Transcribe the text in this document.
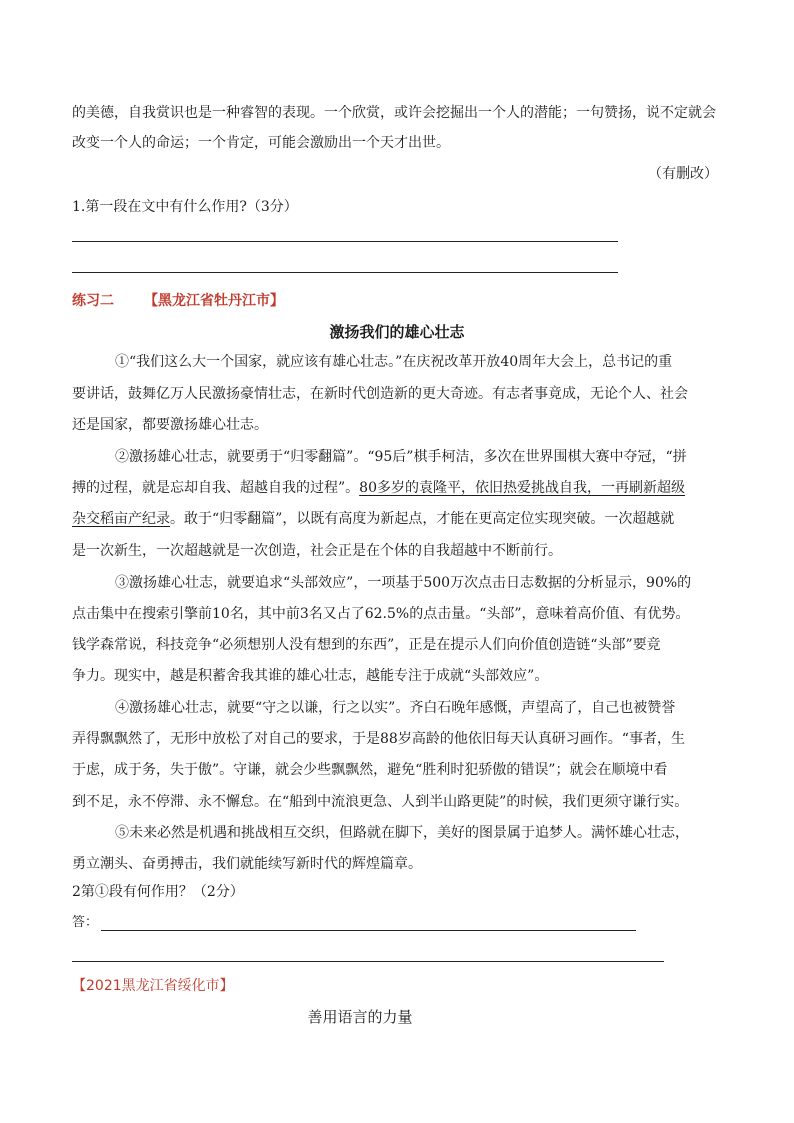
的美德，自我赏识也是一种睿智的表现。一个欣赏，或许会挖掘出一个人的潜能；一句赞扬，说不定就会
改变一个人的命运；一个肯定，可能会激励出一个天才出世。
（有删改）
1.第一段在文中有什么作用?（3分）
练习二 【黑龙江省牡丹江市】
激扬我们的雄心壮志
①“我们这么大一个国家，就应该有雄心壮志。”在庆祝改革开放40周年大会上，总书记的重
要讲话，鼓舞亿万人民激扬豪情壮志，在新时代创造新的更大奇迹。有志者事竟成，无论个人、社会
还是国家，都要激扬雄心壮志。
②激扬雄心壮志，就要勇于“归零翻篇”。“95后”棋手柯洁，多次在世界围棋大赛中夺冠，“拼
搏的过程，就是忘却自我、超越自我的过程”。80多岁的袁隆平，依旧热爱挑战自我，一再刷新超级
杂交稻亩产纪录。敢于“归零翻篇”，以既有高度为新起点，才能在更高定位实现突破。一次超越就
是一次新生，一次超越就是一次创造，社会正是在个体的自我超越中不断前行。
③激扬雄心壮志，就要追求“头部效应”，一项基于500万次点击日志数据的分析显示，90%的
点击集中在搜索引擎前10名，其中前3名又占了62.5%的点击量。“头部”，意味着高价值、有优势。
钱学森常说，科技竞争“必须想别人没有想到的东西”，正是在提示人们向价值创造链“头部”要竞
争力。现实中，越是积蓄舍我其谁的雄心壮志，越能专注于成就“头部效应”。
④激扬雄心壮志，就要“守之以谦，行之以实”。齐白石晚年感慨，声望高了，自己也被赞誉
弄得飘飘然了，无形中放松了对自己的要求，于是88岁高龄的他依旧每天认真研习画作。“事者，生
于虑，成于务，失于傲”。守谦，就会少些飘飘然，避免“胜利时犯骄傲的错误”；就会在顺境中看
到不足，永不停滞、永不懈怠。在“船到中流浪更急、人到半山路更陡”的时候，我们更须守谦行实。
⑤未来必然是机遇和挑战相互交织，但路就在脚下，美好的图景属于追梦人。满怀雄心壮志，
勇立潮头、奋勇搏击，我们就能续写新时代的辉煌篇章。
2第①段有何作用？（2分）
答：
【2021黑龙江省绥化市】
善用语言的力量
